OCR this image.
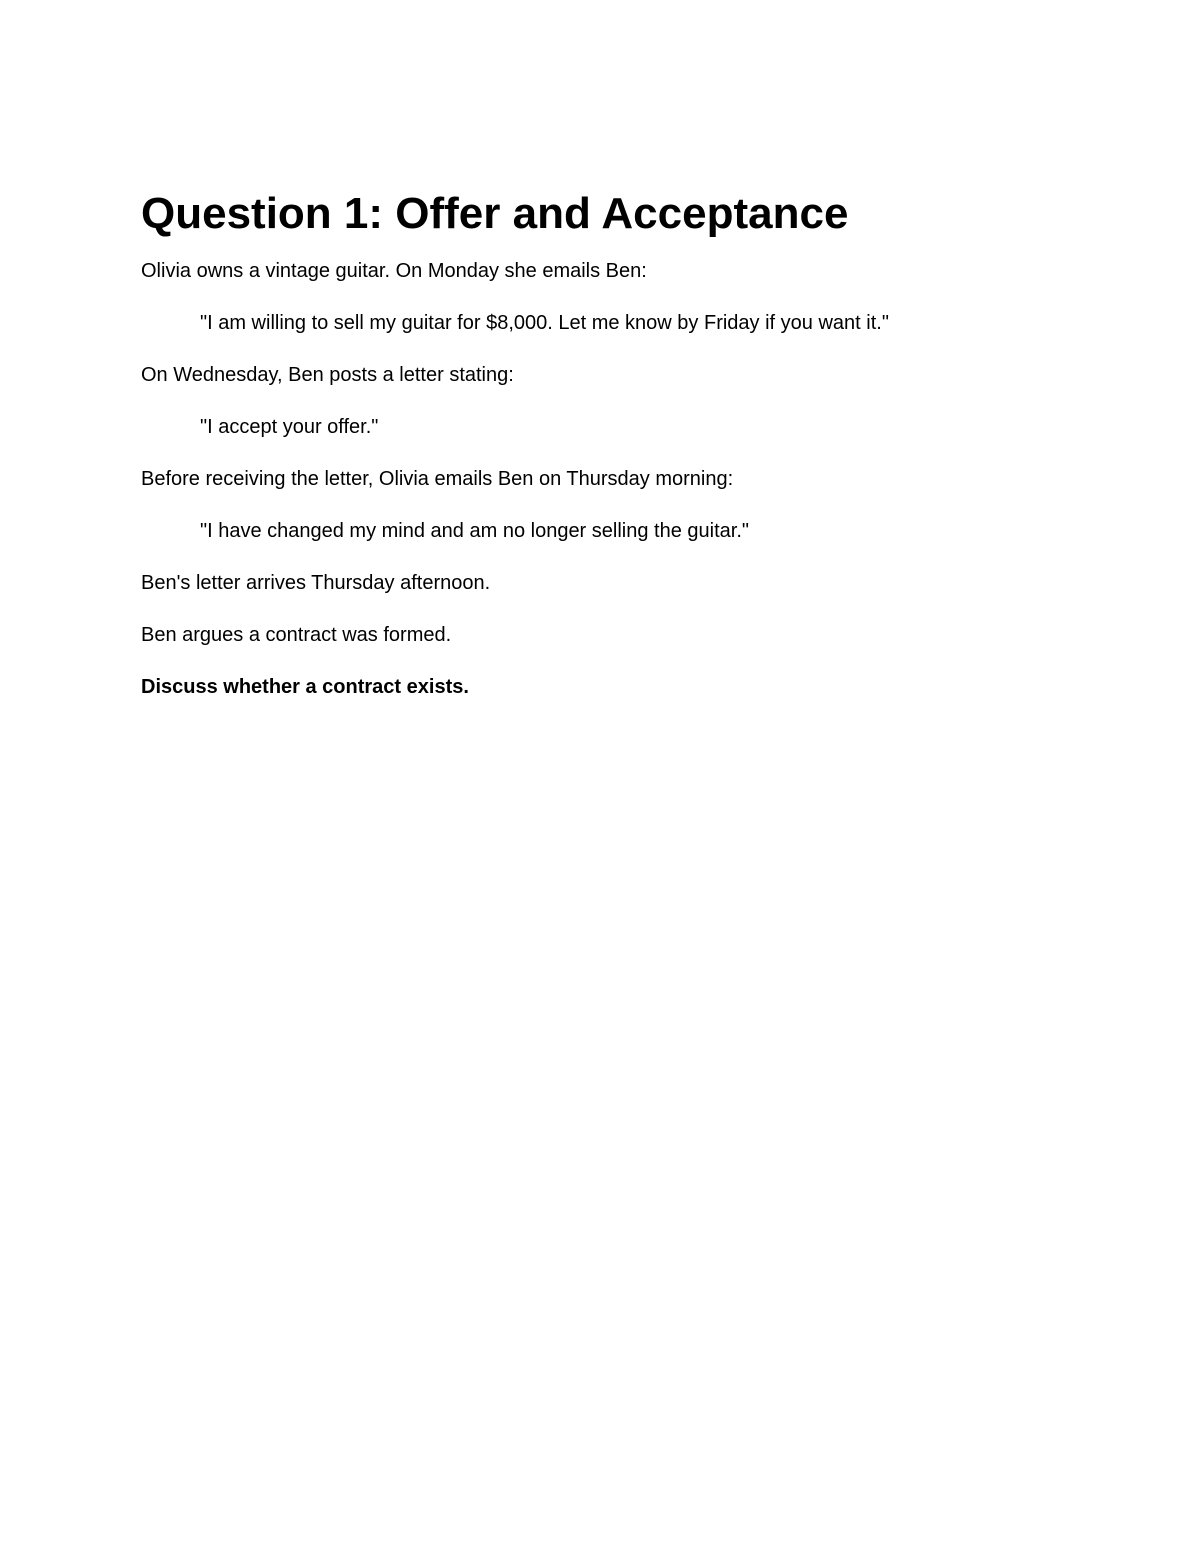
Question 1: Offer and Acceptance

Olivia owns a vintage guitar. On Monday she emails Ben:

"I am willing to sell my guitar for $8,000. Let me know by Friday if you want it."

On Wednesday, Ben posts a letter stating:

"I accept your offer."

Before receiving the letter, Olivia emails Ben on Thursday morning:

"I have changed my mind and am no longer selling the guitar."

Ben's letter arrives Thursday afternoon.

Ben argues a contract was formed.

Discuss whether a contract exists.
